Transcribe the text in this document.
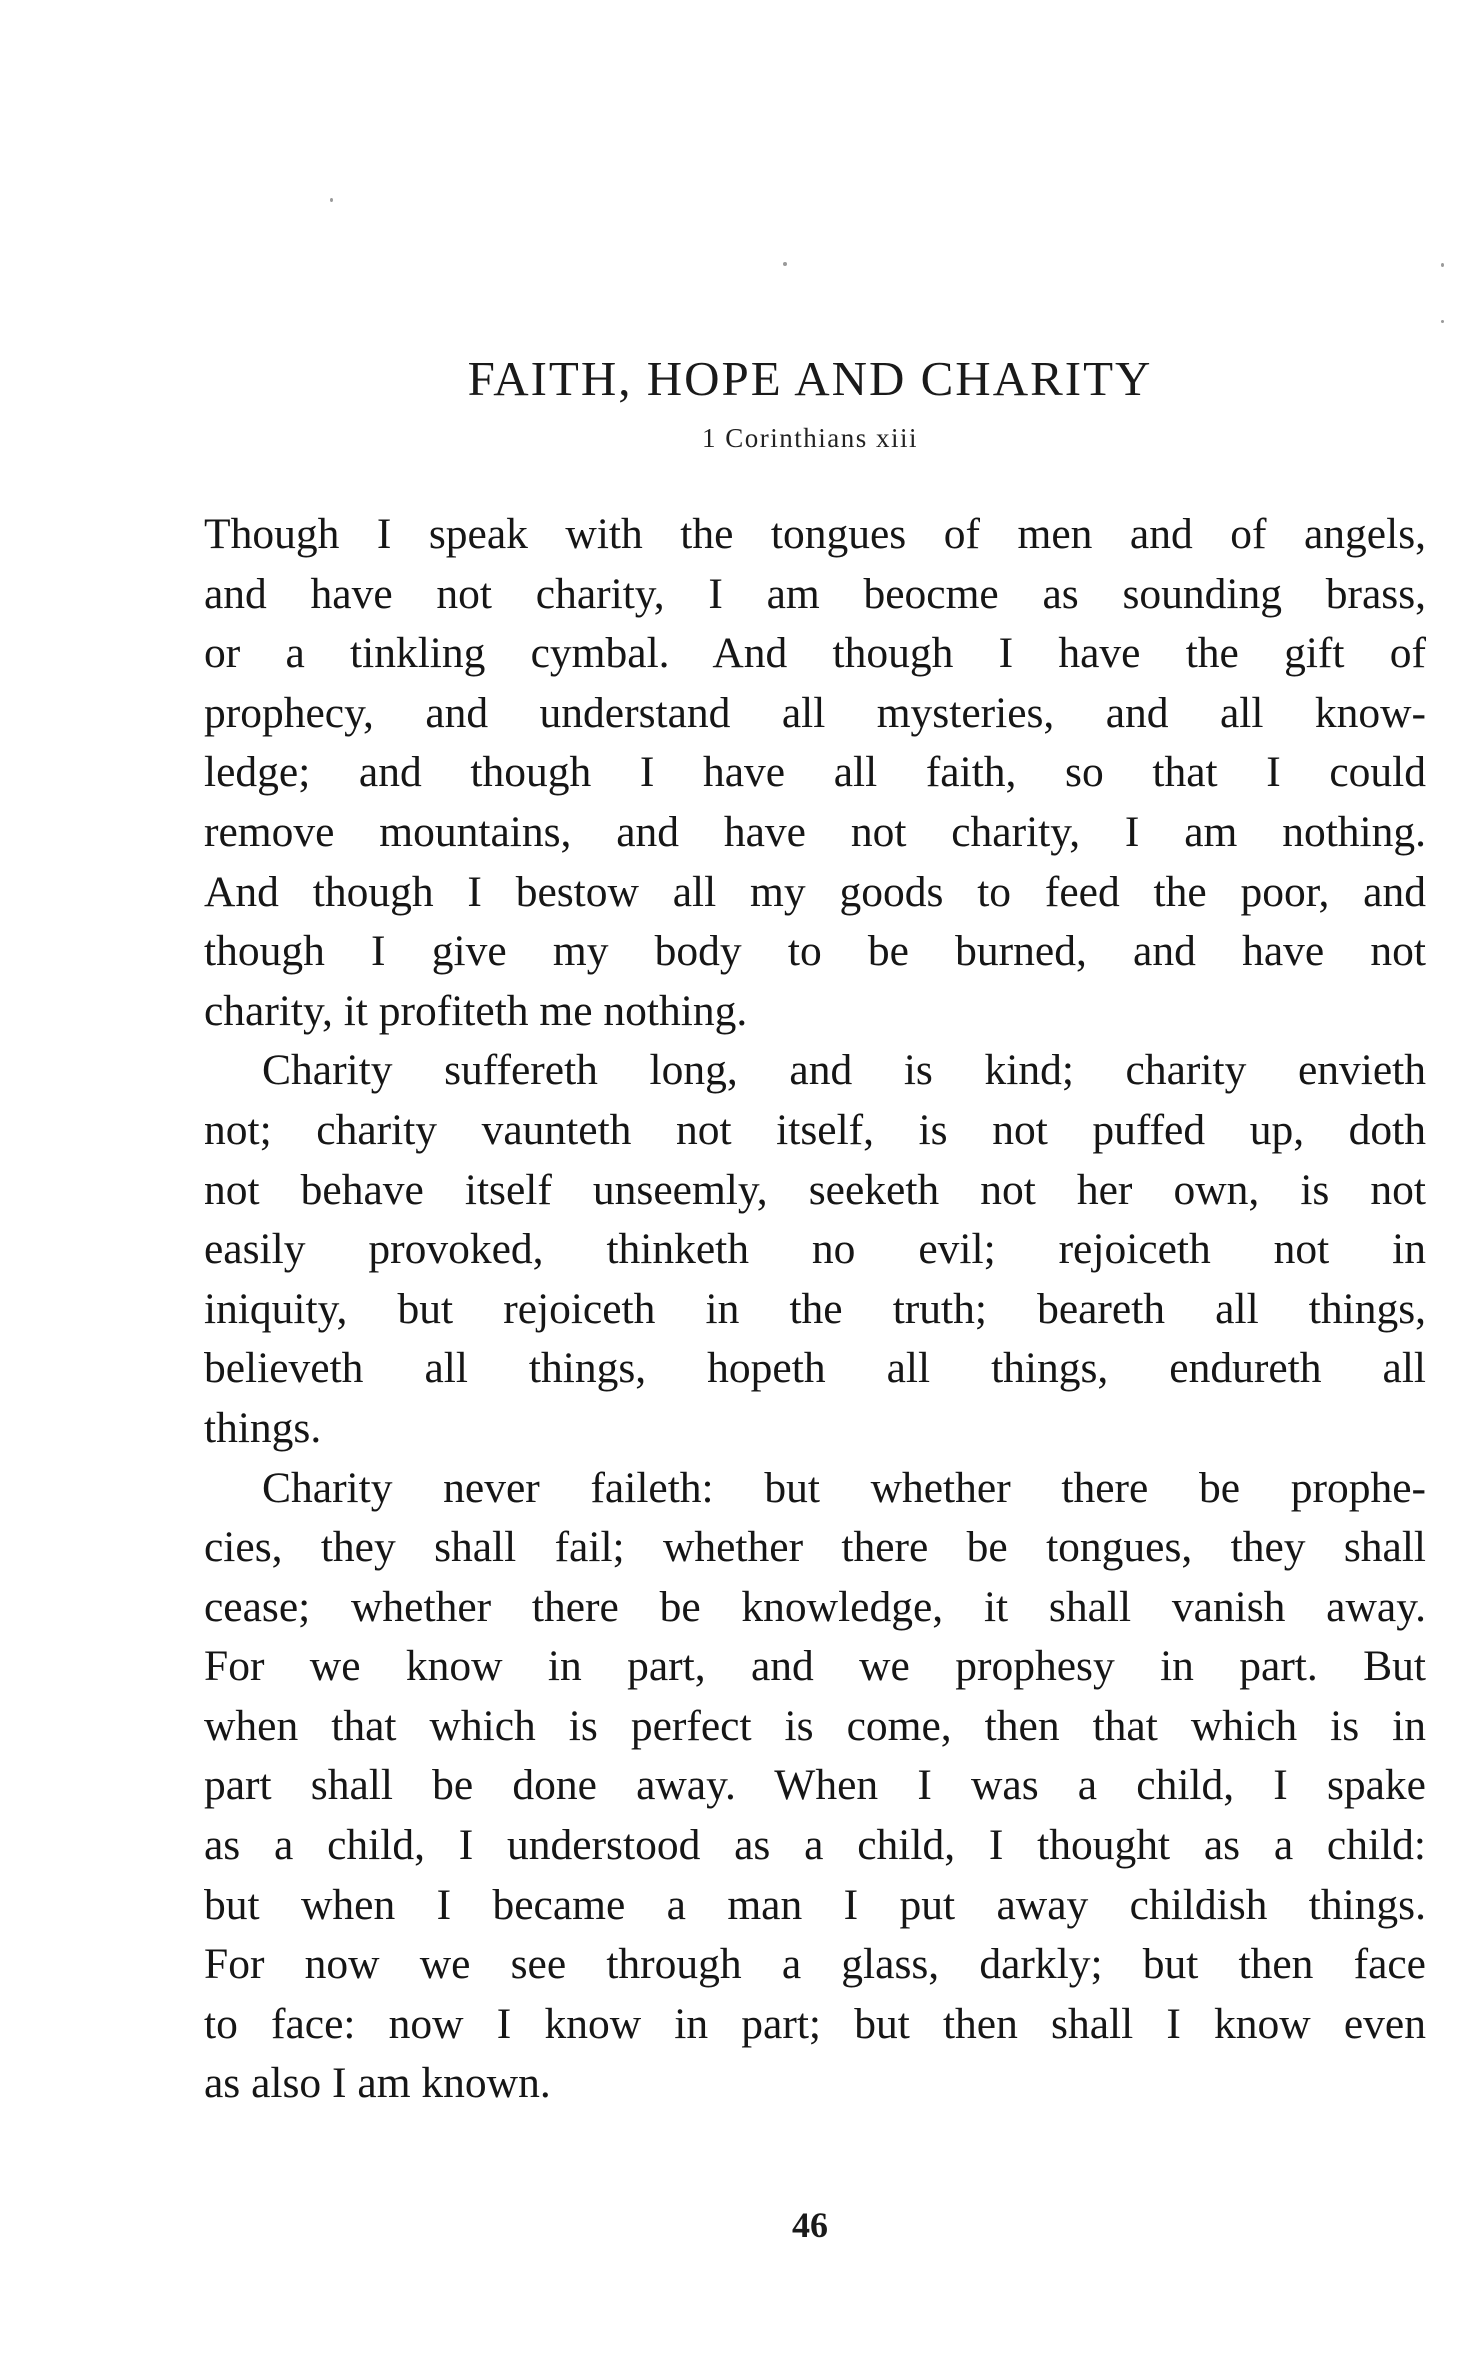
FAITH, HOPE AND CHARITY
1 Corinthians xiii
Though I speak with the tongues of men and of angels,
and have not charity, I am beocme as sounding brass,
or a tinkling cymbal. And though I have the gift of
prophecy, and understand all mysteries, and all know-
ledge; and though I have all faith, so that I could
remove mountains, and have not charity, I am nothing.
And though I bestow all my goods to feed the poor, and
though I give my body to be burned, and have not
charity, it profiteth me nothing.
Charity suffereth long, and is kind; charity envieth
not; charity vaunteth not itself, is not puffed up, doth
not behave itself unseemly, seeketh not her own, is not
easily provoked, thinketh no evil; rejoiceth not in
iniquity, but rejoiceth in the truth; beareth all things,
believeth all things, hopeth all things, endureth all
things.
Charity never faileth: but whether there be prophe-
cies, they shall fail; whether there be tongues, they shall
cease; whether there be knowledge, it shall vanish away.
For we know in part, and we prophesy in part. But
when that which is perfect is come, then that which is in
part shall be done away. When I was a child, I spake
as a child, I understood as a child, I thought as a child:
but when I became a man I put away childish things.
For now we see through a glass, darkly; but then face
to face: now I know in part; but then shall I know even
as also I am known.
46
